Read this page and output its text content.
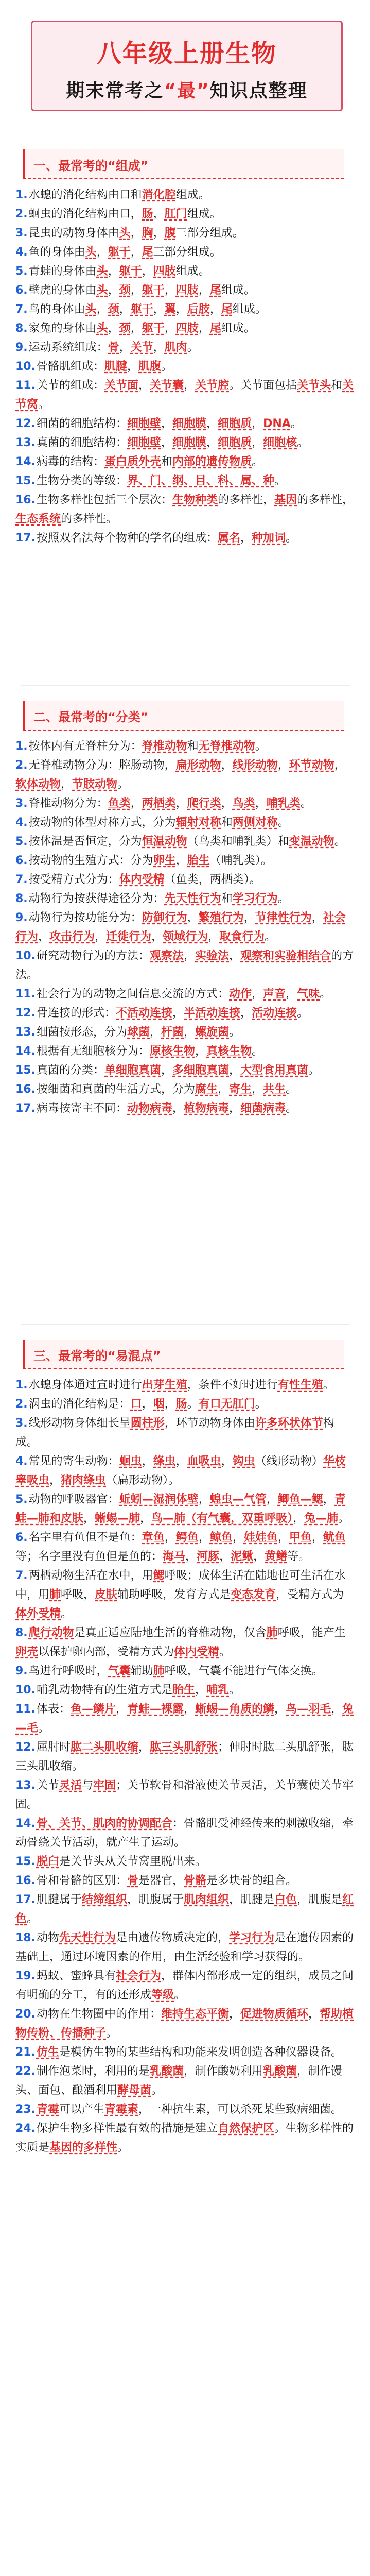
八年级上册生物
期末常考之“最”知识点整理
一、最常考的“组成”
1.水螅的消化结构由口和消化腔组成。
2.蛔虫的消化结构由口，肠，肛门组成。
3.昆虫的动物身体由头，胸，腹三部分组成。
4.鱼的身体由头，躯干，尾三部分组成。
5.青蛙的身体由头，躯干，四肢组成。
6.壁虎的身体由头，颈，躯干，四肢，尾组成。
7.鸟的身体由头，颈，躯干，翼，后肢，尾组成。
8.家兔的身体由头，颈，躯干，四肢，尾组成。
9.运动系统组成：骨，关节，肌肉。
10.骨骼肌组成：肌腱，肌腹。
11.关节的组成：关节面，关节囊，关节腔。关节面包括关节头和关节窝。
12.细菌的细胞结构：细胞壁，细胞膜，细胞质，DNA。
13.真菌的细胞结构：细胞壁，细胞膜，细胞质，细胞核。
14.病毒的结构：蛋白质外壳和内部的遗传物质。
15.生物分类的等级：界、门、纲、目、科、属、种。
16.生物多样性包括三个层次：生物种类的多样性，基因的多样性，生态系统的多样性。
17.按照双名法每个物种的学名的组成：属名，种加词。
二、最常考的“分类”
1.按体内有无脊柱分为：脊椎动物和无脊椎动物。
2.无脊椎动物分为：腔肠动物，扁形动物，线形动物，环节动物，软体动物，节肢动物。
3.脊椎动物分为：鱼类，两栖类，爬行类，鸟类，哺乳类。
4.按动物的体型对称方式，分为辐射对称和两侧对称。
5.按体温是否恒定，分为恒温动物（鸟类和哺乳类）和变温动物。
6.按动物的生殖方式：分为卵生，胎生（哺乳类）。
7.按受精方式分为：体内受精（鱼类，两栖类）。
8.动物行为按获得途径分为：先天性行为和学习行为。
9.动物行为按功能分为：防御行为，繁殖行为，节律性行为，社会行为，攻击行为，迁徙行为，领域行为，取食行为。
10.研究动物行为的方法：观察法，实验法，观察和实验相结合的方法。
11.社会行为的动物之间信息交流的方式：动作，声音，气味。
12.骨连接的形式：不活动连接，半活动连接，活动连接。
13.细菌按形态，分为球菌，杆菌，螺旋菌。
14.根据有无细胞核分为：原核生物，真核生物。
15.真菌的分类：单细胞真菌，多细胞真菌，大型食用真菌。
16.按细菌和真菌的生活方式，分为腐生，寄生，共生。
17.病毒按寄主不同：动物病毒，植物病毒，细菌病毒。
三、最常考的“易混点”
1.水螅身体通过宣时进行出芽生殖，条件不好时进行有性生殖。
2.涡虫的消化结构是：口，咽，肠。有口无肛门。
3.线形动物身体细长呈圆柱形，环节动物身体由许多环状体节构成。
4.常见的寄生动物：蛔虫，绦虫，血吸虫，钩虫（线形动物）华枝睾吸虫，猪肉绦虫（扁形动物）。
5.动物的呼吸器官：蚯蚓—湿润体壁，蝗虫—气管，鲫鱼—鳃，青蛙—肺和皮肤，蜥蜴—肺，鸟—肺（有气囊，双重呼吸），兔—肺。
6.名字里有鱼但不是鱼：章鱼，鳄鱼，鲸鱼，娃娃鱼，甲鱼，鱿鱼等；名字里没有鱼但是鱼的：海马，河豚，泥鳅，黄鳝等。
7.两栖动物生活在水中，用鳃呼吸；成体生活在陆地也可生活在水中，用肺呼吸，皮肤辅助呼吸，发育方式是变态发育，受精方式为体外受精。
8.爬行动物是真正适应陆地生活的脊椎动物，仅含肺呼吸，能产生卵壳以保护卵内部，受精方式为体内受精。
9.鸟进行呼吸时，气囊辅助肺呼吸，气囊不能进行气体交换。
10.哺乳动物特有的生殖方式是胎生，哺乳。
11.体表：鱼—鳞片，青蛙—裸露，蜥蜴—角质的鳞，鸟—羽毛，兔—毛。
12.屈肘时肱二头肌收缩，肱三头肌舒张；伸肘时肱二头肌舒张，肱三头肌收缩。
13.关节灵活与牢固；关节软骨和滑液使关节灵活，关节囊使关节牢固。
14.骨、关节、肌肉的协调配合：骨骼肌受神经传来的刺激收缩，牵动骨绕关节活动，就产生了运动。
15.脱臼是关节头从关节窝里脱出来。
16.骨和骨骼的区别：骨是器官，骨骼是多块骨的组合。
17.肌腱属于结缔组织，肌腹属于肌肉组织，肌腱是白色，肌腹是红色。
18.动物先天性行为是由遗传物质决定的，学习行为是在遗传因素的基础上，通过环境因素的作用，由生活经验和学习获得的。
19.蚂蚁、蜜蜂具有社会行为，群体内部形成一定的组织，成员之间有明确的分工，有的还形成等级。
20.动物在生物圈中的作用：维持生态平衡，促进物质循环，帮助植物传粉、传播种子。
21.仿生是模仿生物的某些结构和功能来发明创造各种仪器设备。
22.制作泡菜时，利用的是乳酸菌，制作酸奶利用乳酸菌，制作馒头、面包、酿酒利用酵母菌。
23.青霉可以产生青霉素，一种抗生素，可以杀死某些致病细菌。
24.保护生物多样性最有效的措施是建立自然保护区。生物多样性的实质是基因的多样性。
